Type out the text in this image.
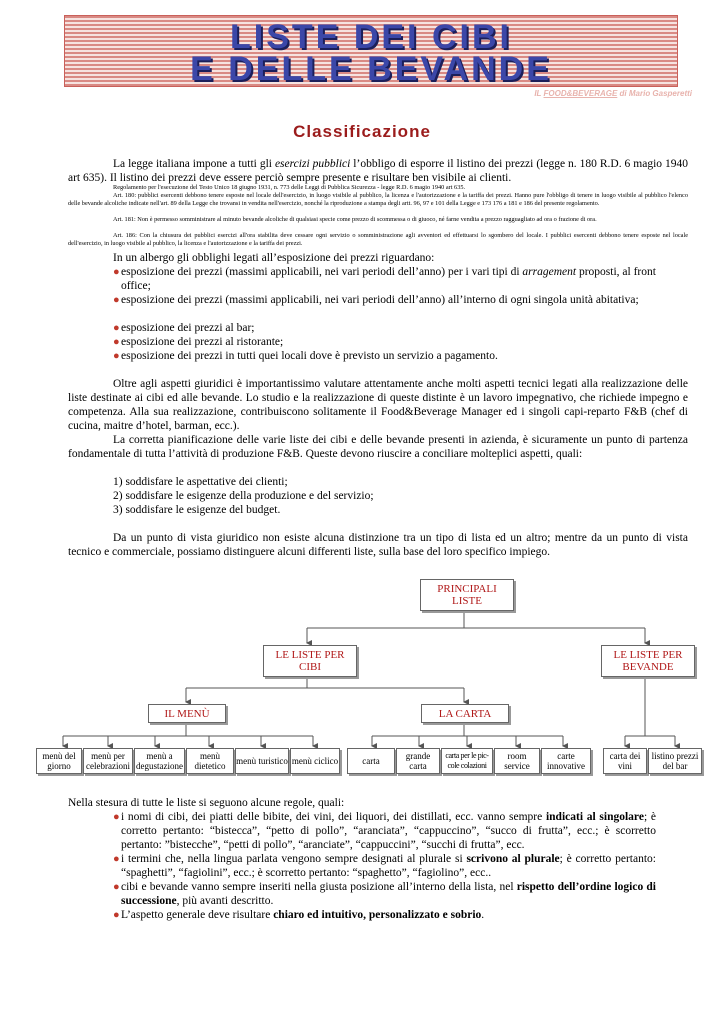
LISTE DEI CIBI
E DELLE BEVANDE
IL FOOD&BEVERAGE di Mario Gasperetti
Classificazione
La legge italiana impone a tutti gli esercizi pubblici l’obbligo di esporre il listino dei prezzi (legge n. 180 R.D. 6 magio 1940 art 635). Il listino dei prezzi deve essere perciò sempre presente e risultare ben visibile ai clienti.
Regolamento per l'esecuzione del Testo Unico 18 giugno 1931, n. 773 delle Leggi di Pubblica Sicurezza - legge R.D. 6 magio 1940 art 635.
Art. 180: pubblici esercenti debbono tenere esposte nel locale dell'esercizio, in luogo visibile al pubblico, la licenza e l'autorizzazione e la tariffa dei prezzi. Hanno pure l'obbligo di tenere in luogo visibile al pubblico l'elenco delle bevande alcoliche indicate nell'art. 89 della Legge che trovansi in vendita nell'esercizio, nonché la riproduzione a stampa degli artt. 96, 97 e 101 della Legge e 173 176 a 181 e 186 del presente regolamento.
Art. 181: Non è permesso somministrare al minuto bevande alcoliche di qualsiasi specie come prezzo di scommessa o di giuoco, né farne vendita a prezzo ragguagliato ad ora o frazione di ora.
Art. 186: Con la chiusura dei pubblici esercizi all'ora stabilita deve cessare ogni servizio o somministrazione agli avventori ed effettuarsi lo sgombero del locale. I pubblici esercenti debbono tenere esposte nel locale dell'esercizio, in luogo visibile al pubblico, la licenza e l'autorizzazione e la tariffa dei prezzi.
In un albergo gli obblighi legati all’esposizione dei prezzi riguardano:
● esposizione dei prezzi (massimi applicabili, nei vari periodi dell’anno) per i vari tipi di arragement proposti, al front office;
● esposizione dei prezzi (massimi applicabili, nei vari periodi dell’anno) all’interno di ogni singola unità abitativa;
● esposizione dei prezzi al bar;
● esposizione dei prezzi al ristorante;
● esposizione dei prezzi in tutti quei locali dove è previsto un servizio a pagamento.
Oltre agli aspetti giuridici è importantissimo valutare attentamente anche molti aspetti tecnici legati alla realizzazione delle liste destinate ai cibi ed alle bevande. Lo studio e la realizzazione di queste distinte è un lavoro impegnativo, che richiede impegno e competenza. Alla sua realizzazione, contribuiscono solitamente il Food&Beverage Manager ed i singoli capi-reparto F&B (chef di cucina, maitre d’hotel, barman, ecc.).
La corretta pianificazione delle varie liste dei cibi e delle bevande presenti in azienda, è sicuramente un punto di partenza fondamentale di tutta l’attività di produzione F&B. Queste devono riuscire a conciliare molteplici aspetti, quali:
1) soddisfare le aspettative dei clienti;
2) soddisfare le esigenze della produzione e del servizio;
3) soddisfare le esigenze del budget.
Da un punto di vista giuridico non esiste alcuna distinzione tra un tipo di lista ed un altro; mentre da un punto di vista tecnico e commerciale, possiamo distinguere alcuni differenti liste, sulla base del loro specifico impiego.
PRINCIPALI LISTE
LE LISTE PER CIBI
LE LISTE PER BEVANDE
IL MENÙ	LA CARTA
menù del giorno
menù per celebrazioni
menù a degustazione
menù dietetico	menù turistico menù ciclico	carta	grande carta
carta per le pic-cole colazioni
room service
carte innovative
carta dei vini
listino prezzi del bar
Nella stesura di tutte le liste si seguono alcune regole, quali:
● i nomi di cibi, dei piatti delle bibite, dei vini, dei liquori, dei distillati, ecc. vanno sempre indicati al singolare; è corretto pertanto: “bistecca”, “petto di pollo”, “aranciata”, “cappuccino”, “succo di frutta”, ecc.; è scorretto pertanto: ”bistecche”, “petti di pollo”, “aranciate”, “cappuccini”, “succhi di frutta”, ecc.
● i termini che, nella lingua parlata vengono sempre designati al plurale si scrivono al plurale; è corretto pertanto: “spaghetti”, “fagiolini”, ecc.; è scorretto pertanto: “spaghetto”, “fagiolino”, ecc..
● cibi e bevande vanno sempre inseriti nella giusta posizione all’interno della lista, nel rispetto dell’ordine logico di successione, più avanti descritto.
● L’aspetto generale deve risultare chiaro ed intuitivo, personalizzato e sobrio.
